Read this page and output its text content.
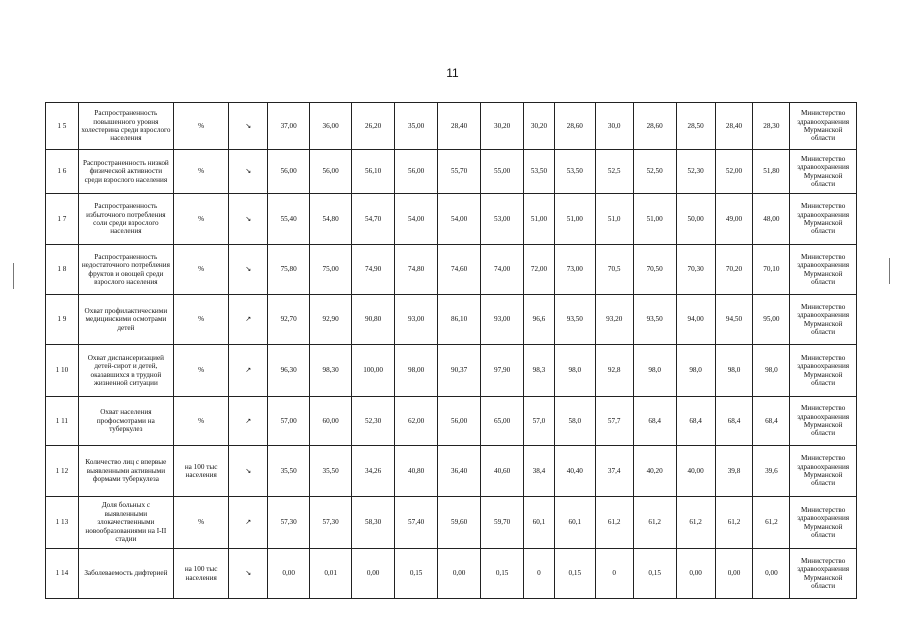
11
1 5	Распространенность повышенного уровня холестерина среди взрослого населения	%	↘	37,00	36,00	26,20	35,00	28,40	30,20	30,20	28,60	30,0	28,60	28,50	28,40	28,30	Министерство здравоохранения Мурманской области
1 6	Распространенность низкой физической активности среди взрослого населения	%	↘	56,00	56,00	56,10	56,00	55,70	55,00	53,50	53,50	52,5	52,50	52,30	52,00	51,80	Министерство здравоохранения Мурманской области
1 7	Распространенность избыточного потребления соли среди взрослого населения	%	↘	55,40	54,80	54,70	54,00	54,00	53,00	51,00	51,00	51,0	51,00	50,00	49,00	48,00	Министерство здравоохранения Мурманской области
1 8	Распространенность недостаточного потребления фруктов и овощей среди взрослого населения	%	↘	75,80	75,00	74,90	74,80	74,60	74,00	72,00	73,00	70,5	70,50	70,30	70,20	70,10	Министерство здравоохранения Мурманской области
1 9	Охват профилактическими медицинскими осмотрами детей	%	↗	92,70	92,90	90,80	93,00	86,10	93,00	96,6	93,50	93,20	93,50	94,00	94,50	95,00	Министерство здравоохранения Мурманской области
1 10	Охват диспансеризацией детей-сирот и детей, оказавшихся в трудной жизненной ситуации	%	↗	96,30	98,30	100,00	98,00	90,37	97,90	98,3	98,0	92,8	98,0	98,0	98,0	98,0	Министерство здравоохранения Мурманской области
1 11	Охват населения профосмотрами на туберкулез	%	↗	57,00	60,00	52,30	62,00	56,00	65,00	57,0	58,0	57,7	68,4	68,4	68,4	68,4	Министерство здравоохранения Мурманской области
1 12	Количество лиц с впервые выявленными активными формами туберкулеза	на 100 тыс населения	↘	35,50	35,50	34,26	40,80	36,40	40,60	38,4	40,40	37,4	40,20	40,00	39,8	39,6	Министерство здравоохранения Мурманской области
1 13	Доля больных с выявленными злокачественными новообразованиями на I-II стадии	%	↗	57,30	57,30	58,30	57,40	59,60	59,70	60,1	60,1	61,2	61,2	61,2	61,2	61,2	Министерство здравоохранения Мурманской области
1 14	Заболеваемость дифтерией	на 100 тыс населения	↘	0,00	0,01	0,00	0,15	0,00	0,15	0	0,15	0	0,15	0,00	0,00	0,00	Министерство здравоохранения Мурманской области
